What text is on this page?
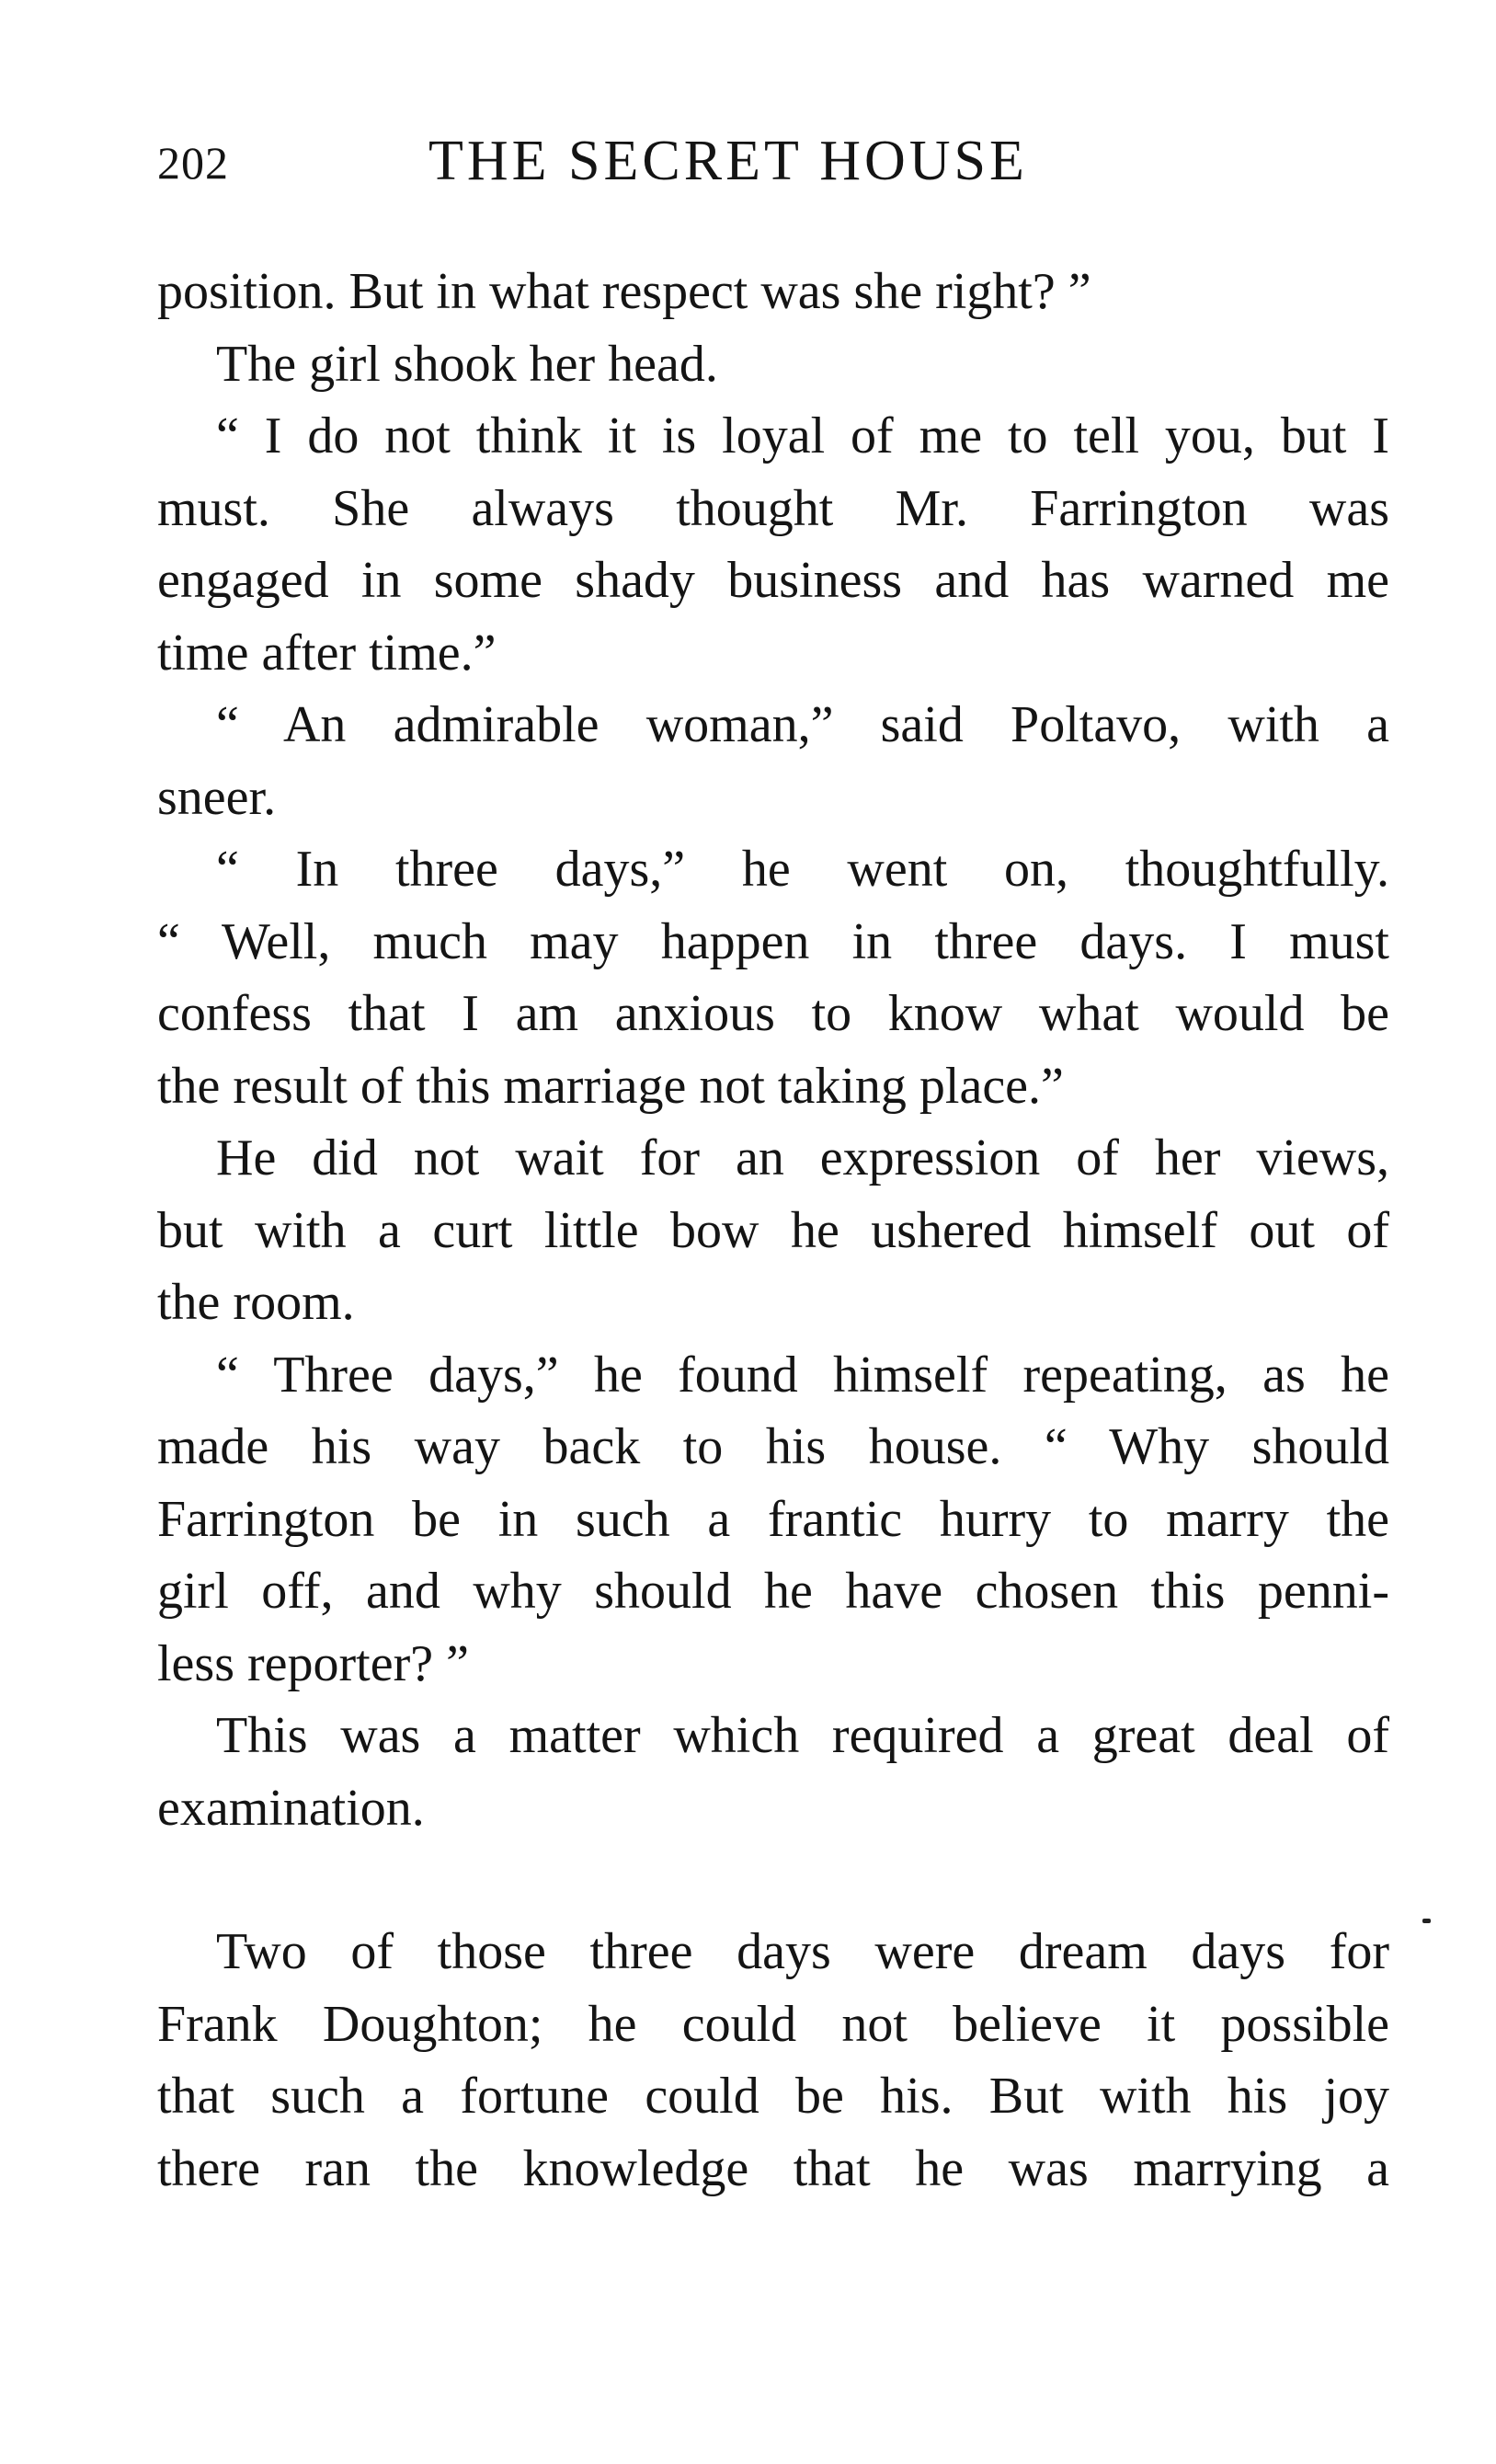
202	THE SECRET HOUSE
position. But in what respect was she right? ”
The girl shook her head.
“ I do not think it is loyal of me to tell you, but I
must. She always thought Mr. Farrington was
engaged in some shady business and has warned me
time after time.”
“ An admirable woman,” said Poltavo, with a
sneer.
“ In three days,” he went on, thoughtfully.
“ Well, much may happen in three days. I must
confess that I am anxious to know what would be
the result of this marriage not taking place.”
He did not wait for an expression of her views,
but with a curt little bow he ushered himself out of
the room.
“ Three days,” he found himself repeating, as he
made his way back to his house. “ Why should
Farrington be in such a frantic hurry to marry the
girl off, and why should he have chosen this penni-
less reporter? ”
This was a matter which required a great deal of
examination.
Two of those three days were dream days for
Frank Doughton; he could not believe it possible
that such a fortune could be his. But with his joy
there ran the knowledge that he was marrying a
